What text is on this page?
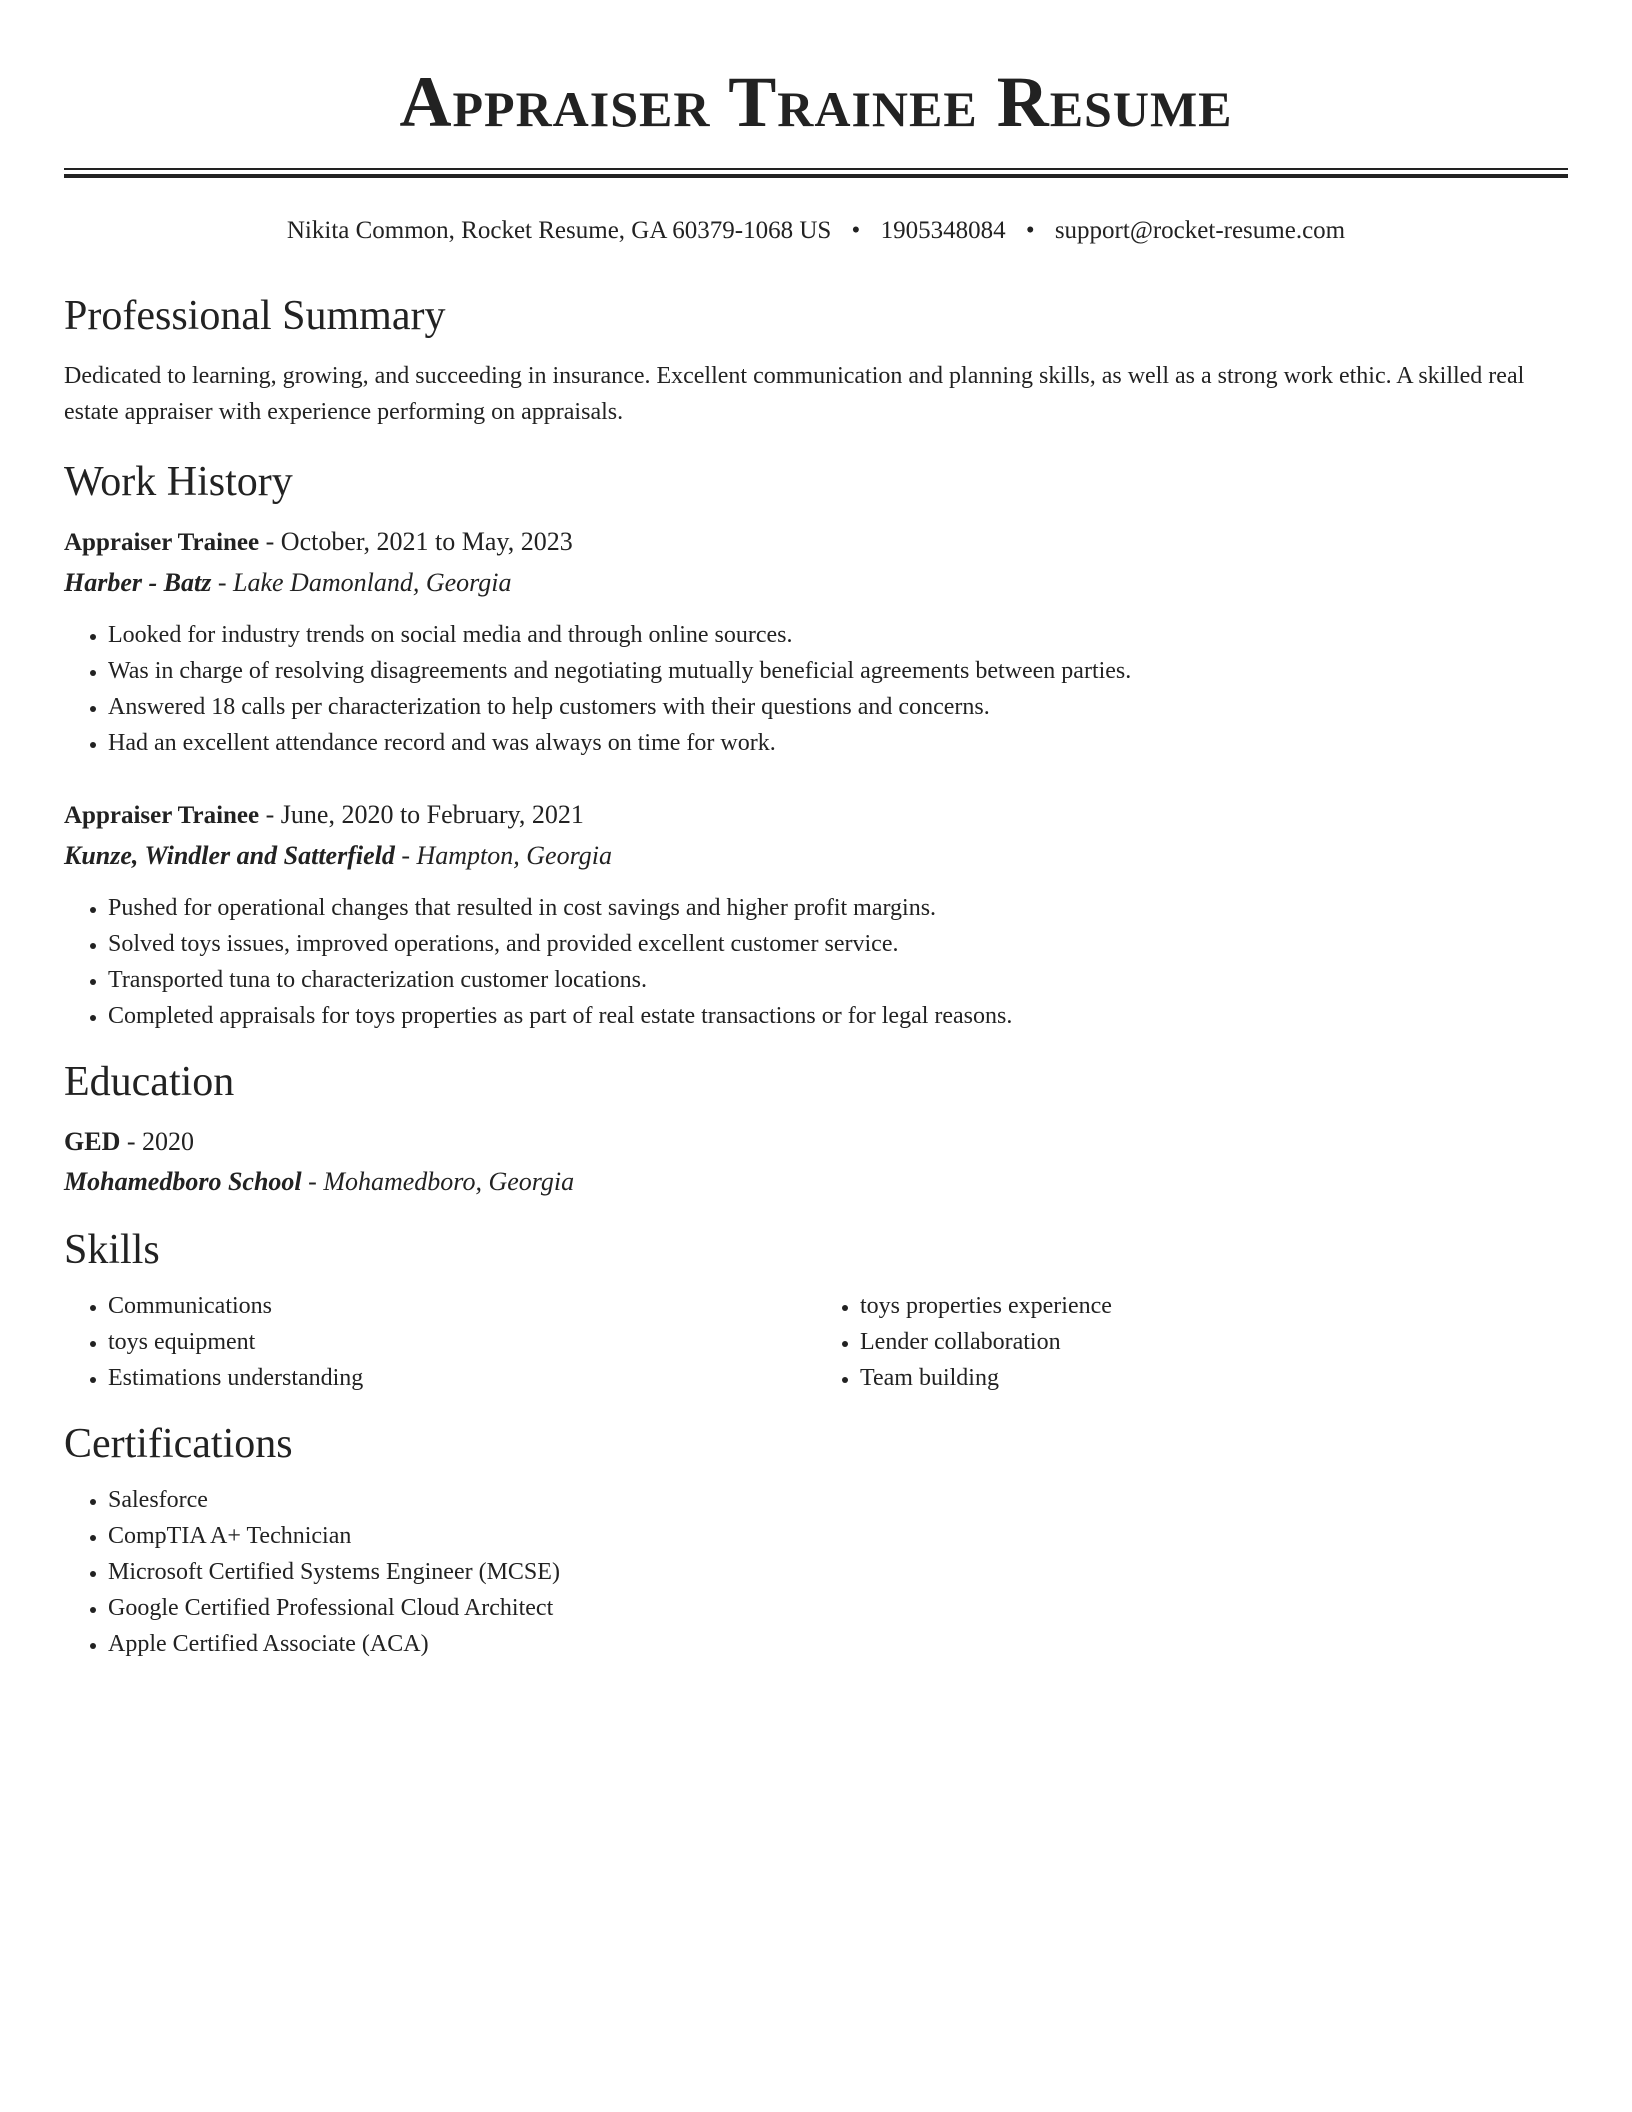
Appraiser Trainee Resume
Nikita Common, Rocket Resume, GA 60379-1068 US • 1905348084 • support@rocket-resume.com
Professional Summary

Dedicated to learning, growing, and succeeding in insurance. Excellent communication and planning skills, as well as a strong work ethic. A skilled real estate appraiser with experience performing on appraisals.

Work History
Appraiser Trainee - October, 2021 to May, 2023
Harber - Batz - Lake Damonland, Georgia
• Looked for industry trends on social media and through online sources.
• Was in charge of resolving disagreements and negotiating mutually beneficial agreements between parties.
• Answered 18 calls per characterization to help customers with their questions and concerns.
• Had an excellent attendance record and was always on time for work.
Appraiser Trainee - June, 2020 to February, 2021
Kunze, Windler and Satterfield - Hampton, Georgia
• Pushed for operational changes that resulted in cost savings and higher profit margins.
• Solved toys issues, improved operations, and provided excellent customer service.
• Transported tuna to characterization customer locations.
• Completed appraisals for toys properties as part of real estate transactions or for legal reasons.
Education
GED - 2020
Mohamedboro School - Mohamedboro, Georgia
Skills
• Communications
• toys equipment
• Estimations understanding
• toys properties experience
• Lender collaboration
• Team building
Certifications
• Salesforce
• CompTIA A+ Technician
• Microsoft Certified Systems Engineer (MCSE)
• Google Certified Professional Cloud Architect
• Apple Certified Associate (ACA)
